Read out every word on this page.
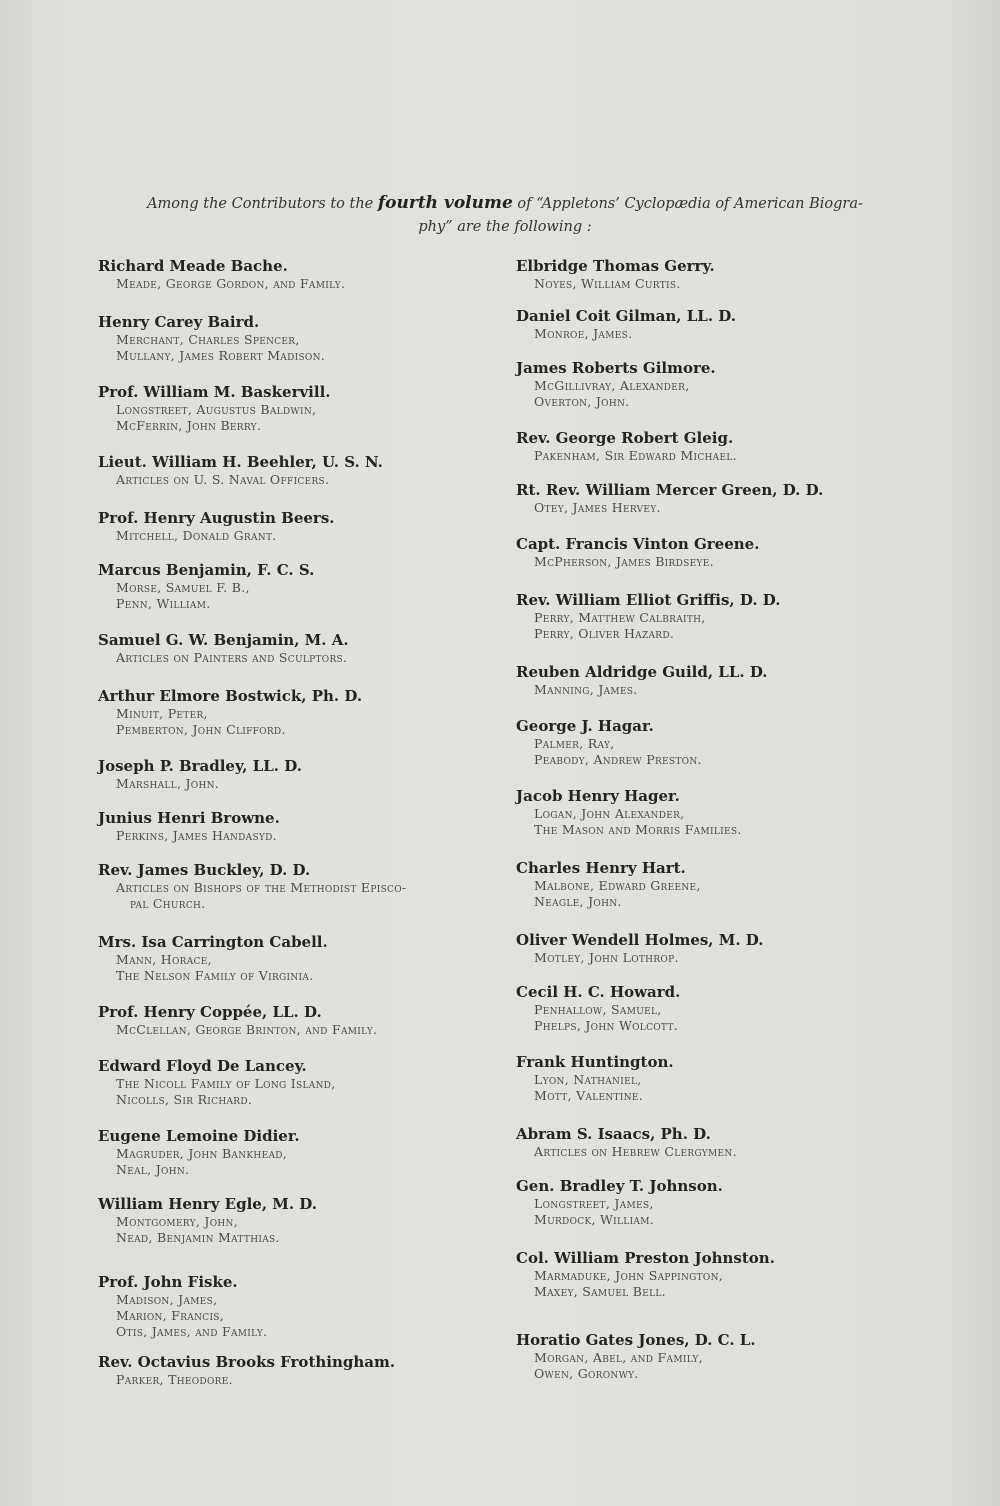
Among the Contributors to the fourth volume of “Appletons’ Cyclopædia of American Biogra-
phy” are the following :
Richard Meade Bache.
Meade, George Gordon, and Family.
Henry Carey Baird.
Merchant, Charles Spencer,
Mullany, James Robert Madison.
Prof. William M. Baskervill.
Longstreet, Augustus Baldwin,
McFerrin, John Berry.
Lieut. William H. Beehler, U. S. N.
Articles on U. S. Naval Officers.
Prof. Henry Augustin Beers.
Mitchell, Donald Grant.
Marcus Benjamin, F. C. S.
Morse, Samuel F. B.,
Penn, William.
Samuel G. W. Benjamin, M. A.
Articles on Painters and Sculptors.
Arthur Elmore Bostwick, Ph. D.
Minuit, Peter,
Pemberton, John Clifford.
Joseph P. Bradley, LL. D.
Marshall, John.
Junius Henri Browne.
Perkins, James Handasyd.
Rev. James Buckley, D. D.
Articles on Bishops of the Methodist Episco-
pal Church.
Mrs. Isa Carrington Cabell.
Mann, Horace,
The Nelson Family of Virginia.
Prof. Henry Coppée, LL. D.
McClellan, George Brinton, and Family.
Edward Floyd De Lancey.
The Nicoll Family of Long Island,
Nicolls, Sir Richard.
Eugene Lemoine Didier.
Magruder, John Bankhead,
Neal, John.
William Henry Egle, M. D.
Montgomery, John,
Nead, Benjamin Matthias.
Prof. John Fiske.
Madison, James,
Marion, Francis,
Otis, James, and Family.
Rev. Octavius Brooks Frothingham.
Parker, Theodore.
Elbridge Thomas Gerry.
Noyes, William Curtis.
Daniel Coit Gilman, LL. D.
Monroe, James.
James Roberts Gilmore.
McGillivray, Alexander,
Overton, John.
Rev. George Robert Gleig.
Pakenham, Sir Edward Michael.
Rt. Rev. William Mercer Green, D. D.
Otey, James Hervey.
Capt. Francis Vinton Greene.
McPherson, James Birdseye.
Rev. William Elliot Griffis, D. D.
Perry, Matthew Calbraith,
Perry, Oliver Hazard.
Reuben Aldridge Guild, LL. D.
Manning, James.
George J. Hagar.
Palmer, Ray,
Peabody, Andrew Preston.
Jacob Henry Hager.
Logan, John Alexander,
The Mason and Morris Families.
Charles Henry Hart.
Malbone, Edward Greene,
Neagle, John.
Oliver Wendell Holmes, M. D.
Motley, John Lothrop.
Cecil H. C. Howard.
Penhallow, Samuel,
Phelps, John Wolcott.
Frank Huntington.
Lyon, Nathaniel,
Mott, Valentine.
Abram S. Isaacs, Ph. D.
Articles on Hebrew Clergymen.
Gen. Bradley T. Johnson.
Longstreet, James,
Murdock, William.
Col. William Preston Johnston.
Marmaduke, John Sappington,
Maxey, Samuel Bell.
Horatio Gates Jones, D. C. L.
Morgan, Abel, and Family,
Owen, Goronwy.
